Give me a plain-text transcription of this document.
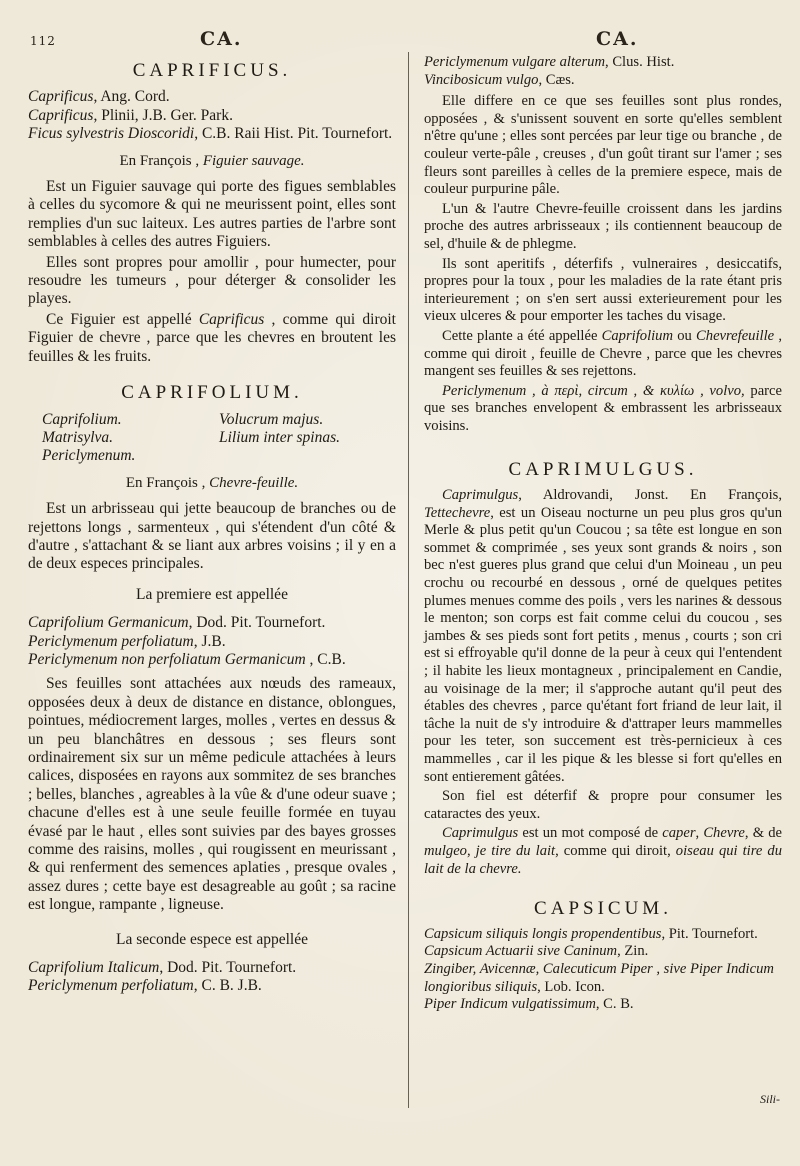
112	CA.	CA.
CAPRIFICUS.
Caprificus, Ang. Cord.
Caprificus, Plinii, J.B. Ger. Park.
Ficus sylvestris Dioscoridi, C.B. Raii Hist. Pit. Tournefort.
En François , Figuier sauvage.

Est un Figuier sauvage qui porte des figues semblables à celles du sycomore & qui ne meurissent point, elles sont remplies d'un suc laiteux. Les autres parties de l'arbre sont semblables à celles des autres Figuiers.

Elles sont propres pour amollir , pour humecter, pour resoudre les tumeurs , pour déterger & consolider les playes.

Ce Figuier est appellé Caprificus , comme qui diroit Figuier de chevre , parce que les chevres en broutent les feuilles & les fruits.

CAPRIFOLIUM.
Caprifolium.	Volucrum majus.
Matrisylva.	Lilium inter spinas.
Periclymenum.
En François , Chevre-feuille.

Est un arbrisseau qui jette beaucoup de branches ou de rejettons longs , sarmenteux , qui s'étendent d'un côté & d'autre , s'attachant & se liant aux arbres voisins ; il y en a de deux especes principales.

La premiere est appellée
Caprifolium Germanicum, Dod. Pit. Tournefort.
Periclymenum perfoliatum, J.B.
Periclymenum non perfoliatum Germanicum , C.B.

Ses feuilles sont attachées aux nœuds des rameaux, opposées deux à deux de distance en distance, oblongues, pointues, médiocrement larges, molles , vertes en dessus & un peu blanchâtres en dessous ; ses fleurs sont ordinairement six sur un même pedicule attachées à leurs calices, disposées en rayons aux sommitez de ses branches ; belles, blanches , agreables à la vûe & d'une odeur suave ; chacune d'elles est à une seule feuille formée en tuyau évasé par le haut , elles sont suivies par des bayes grosses comme des raisins, molles , qui rougissent en meurissant , & qui renferment des semences aplaties , presque ovales , assez dures ; cette baye est desagreable au goût ; sa racine est longue, rampante , ligneuse.

La seconde espece est appellée
Caprifolium Italicum, Dod. Pit. Tournefort.
Periclymenum perfoliatum, C. B. J.B.
Periclymenum vulgare alterum, Clus. Hist.
Vincibosicum vulgo, Cæs.

Elle differe en ce que ses feuilles sont plus rondes, opposées , & s'unissent souvent en sorte qu'elles semblent n'être qu'une ; elles sont percées par leur tige ou branche , de couleur verte-pâle , creuses , d'un goût tirant sur l'amer ; ses fleurs sont pareilles à celles de la premiere espece, mais de couleur purpurine pâle.

L'un & l'autre Chevre-feuille croissent dans les jardins proche des autres arbrisseaux ; ils contiennent beaucoup de sel, d'huile & de phlegme.

Ils sont aperitifs , déterfifs , vulneraires , desiccatifs, propres pour la toux , pour les maladies de la rate étant pris interieurement ; on s'en sert aussi exterieurement pour les vieux ulceres & pour emporter les taches du visage.

Cette plante a été appellée Caprifolium ou Chevrefeuille , comme qui diroit , feuille de Chevre , parce que les chevres mangent ses feuilles & ses rejettons.

Periclymenum , à περὶ, circum , & κυλίω , volvo, parce que ses branches envelopent & embrassent les arbrisseaux voisins.

CAPRIMULGUS.

Caprimulgus, Aldrovandi, Jonst. En François, Tettechevre, est un Oiseau nocturne un peu plus gros qu'un Merle & plus petit qu'un Coucou ; sa tête est longue en son sommet & comprimée , ses yeux sont grands & noirs , son bec n'est gueres plus grand que celui d'un Moineau , un peu crochu ou recourbé en dessous , orné de quelques petites plumes menues comme des poils , vers les narines & dessous le menton; son corps est fait comme celui du coucou , ses jambes & ses pieds sont fort petits , menus , courts ; son cri est si effroyable qu'il donne de la peur à ceux qui l'entendent ; il habite les lieux montagneux , principalement en Candie, au voisinage de la mer; il s'approche autant qu'il peut des étables des chevres , parce qu'étant fort friand de leur lait, il tâche la nuit de s'y introduire & d'attraper leurs mammelles pour les teter, son succement est très-pernicieux à ces mammelles , car il les pique & les blesse si fort qu'elles en sont entierement gâtées.

Son fiel est déterfif & propre pour consumer les cataractes des yeux.

Caprimulgus est un mot composé de caper, Chevre, & de mulgeo, je tire du lait, comme qui diroit, oiseau qui tire du lait de la chevre.

CAPSICUM.
Capsicum siliquis longis propendentibus, Pit. Tournefort.
Capsicum Actuarii sive Caninum, Zin.
Zingiber, Avicennæ, Calecuticum Piper , sive Piper Indicum longioribus siliquis, Lob. Icon.
Piper Indicum vulgatissimum, C. B.
Sili-
